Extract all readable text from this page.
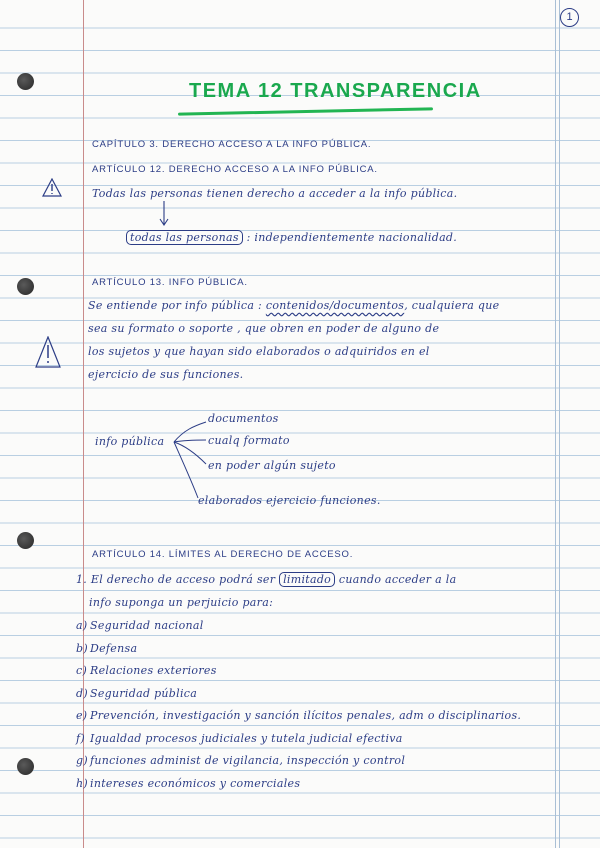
1
TEMA 12 TRANSPARENCIA
CAPÍTULO 3. DERECHO ACCESO A LA INFO PÚBLICA.
ARTÍCULO 12. DERECHO ACCESO A LA INFO PÚBLICA.
Todas las personas tienen derecho a acceder a la info pública.
todas las personas : independientemente nacionalidad.
ARTÍCULO 13. INFO PÚBLICA.
Se entiende por info pública : contenidos/documentos, cualquiera que
sea su formato o soporte , que obren en poder de alguno de
los sujetos y que hayan sido elaborados o adquiridos en el
ejercicio de sus funciones.
info pública
documentos
cualq formato
en poder algún sujeto
elaborados ejercicio funciones.
ARTÍCULO 14. LÍMITES AL DERECHO DE ACCESO.
1. El derecho de acceso podrá ser limitado cuando acceder a la
info suponga un perjuicio para:
a) Seguridad nacional
b) Defensa
c) Relaciones exteriores
d) Seguridad pública
e) Prevención, investigación y sanción ilícitos penales, adm o disciplinarios.
f) Igualdad procesos judiciales y tutela judicial efectiva
g) funciones administ de vigilancia, inspección y control
h) intereses económicos y comerciales
